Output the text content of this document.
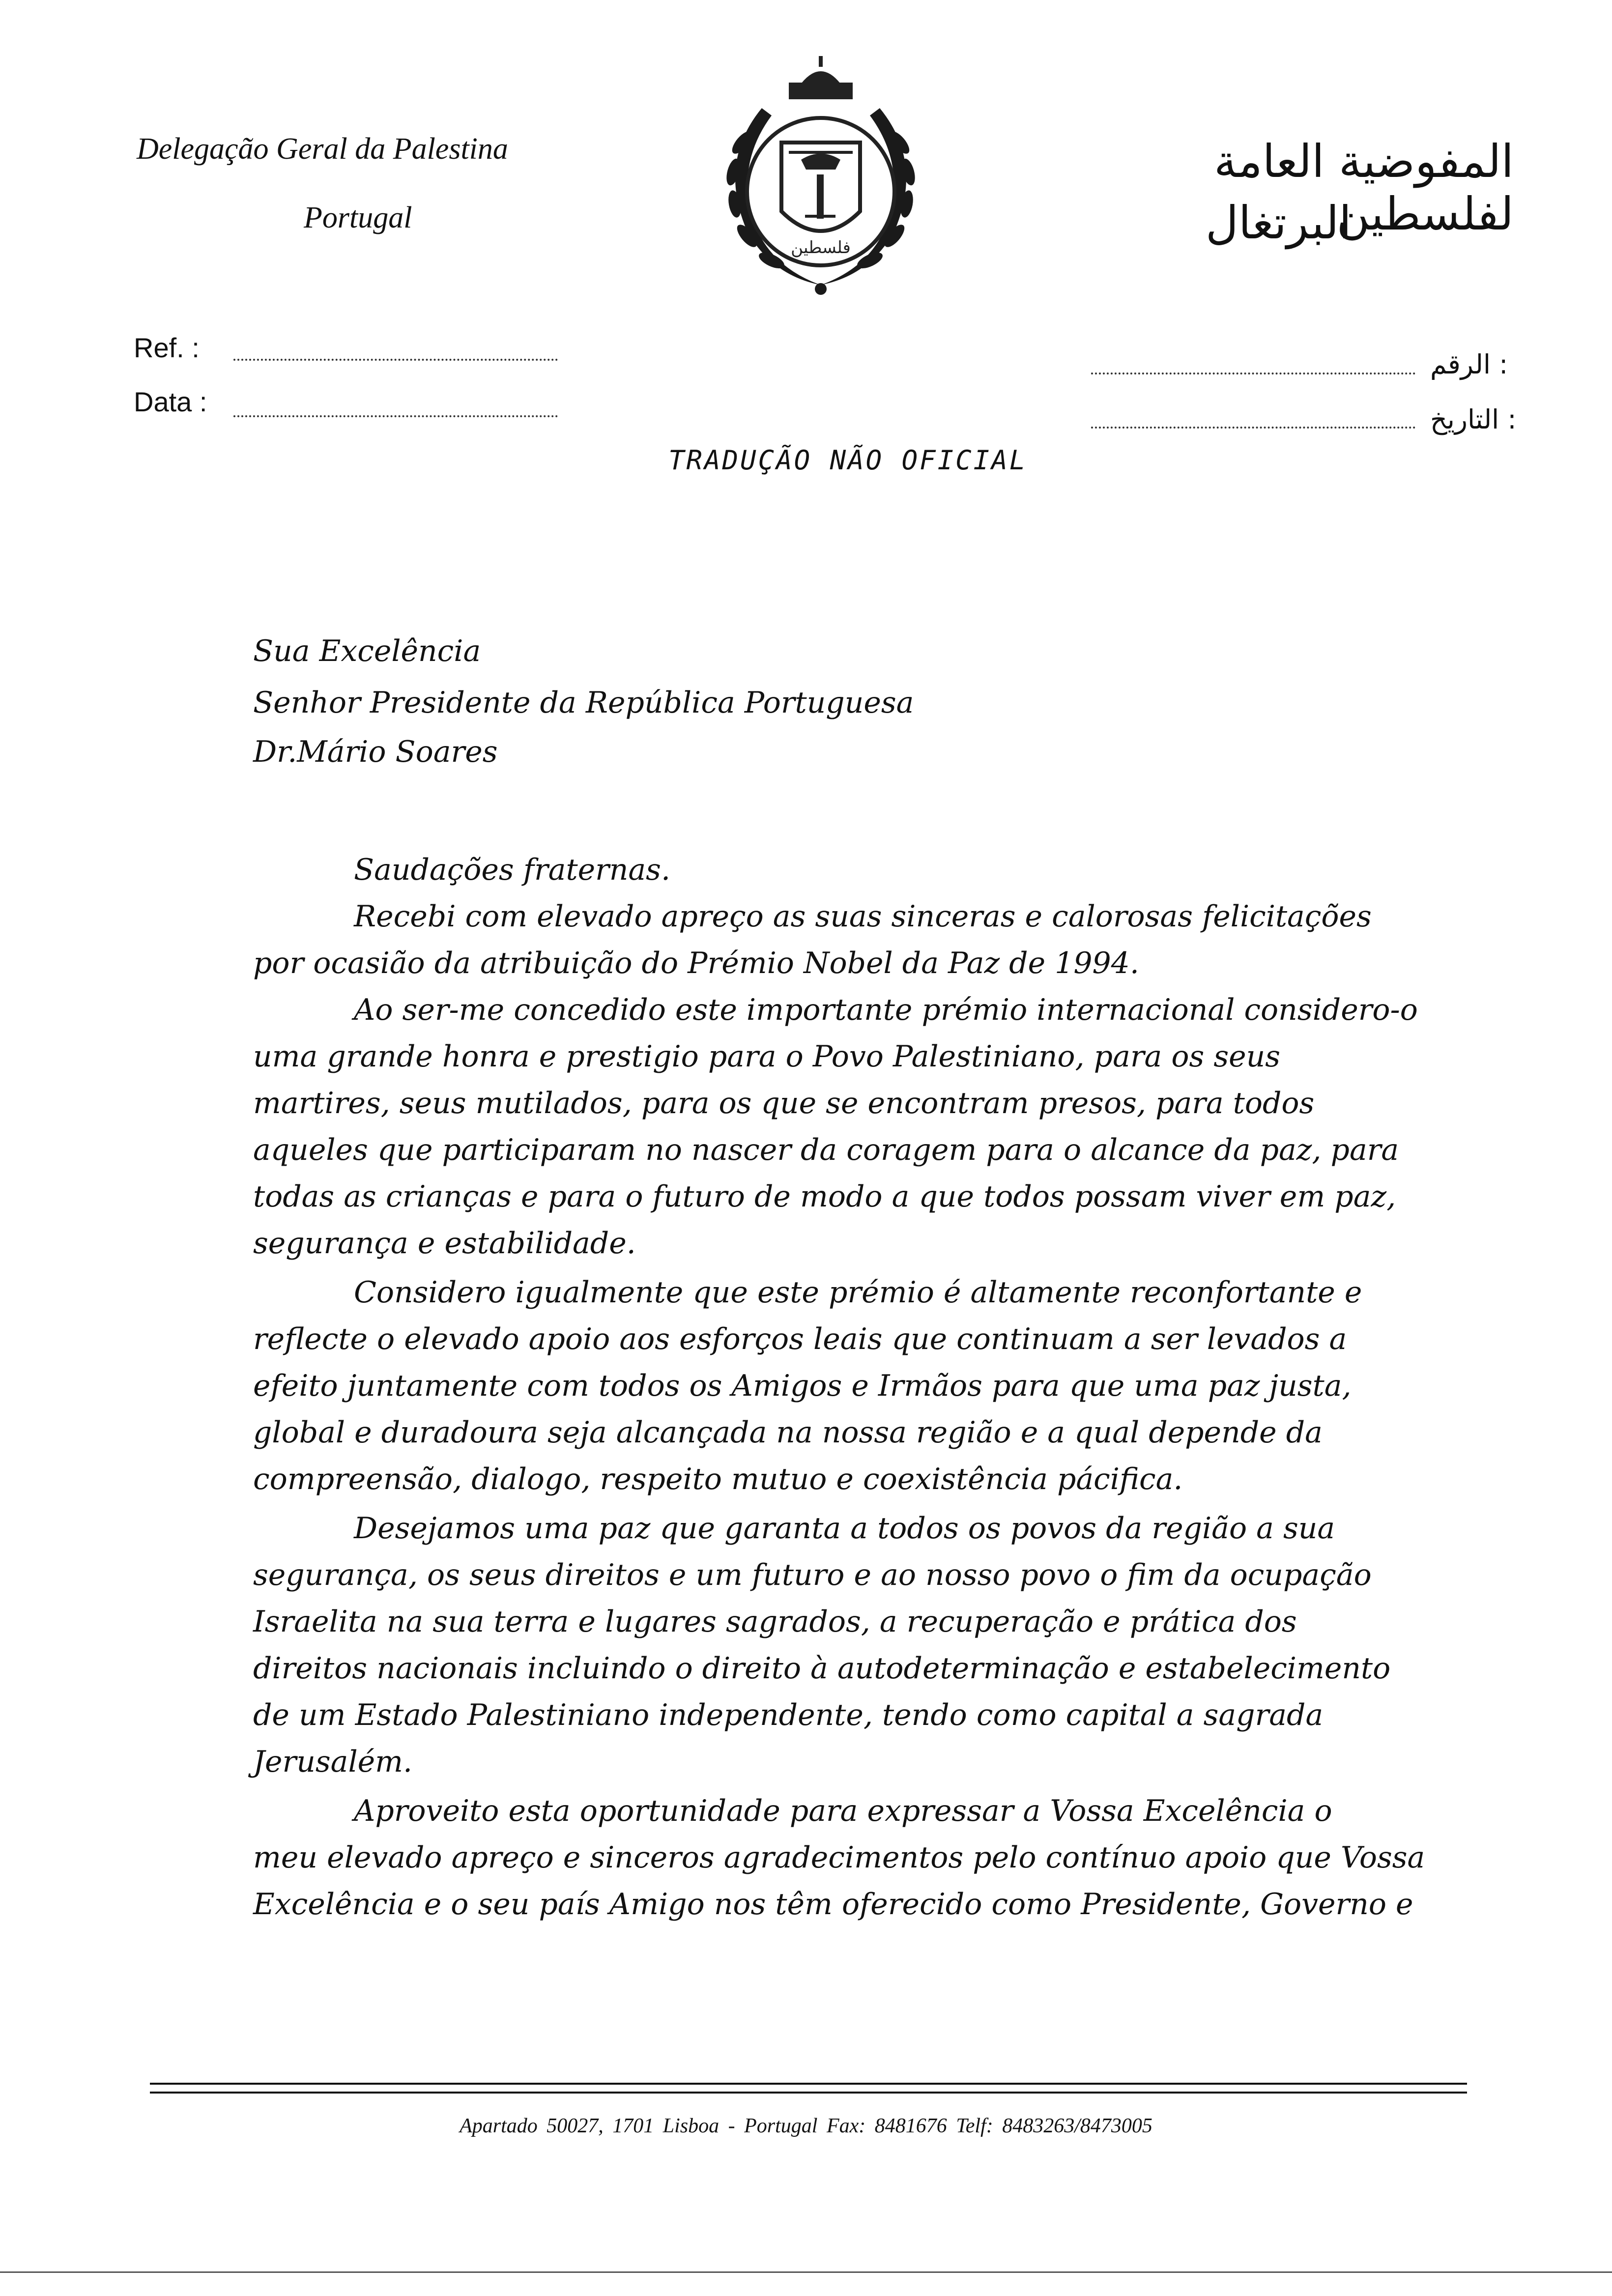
Delegação Geral da Palestina
Portugal
فلسطين
المفوضية العامة لفلسطين
البرتغال
Ref. :
Data :
: الرقم
: التاريخ
TRADUÇÃO NÃO OFICIAL
Sua Excelência
Senhor Presidente da República Portuguesa
Dr.Mário Soares
Saudações fraternas.
Recebi com elevado apreço as suas sinceras e calorosas felicitações
por ocasião da atribuição do Prémio Nobel da Paz de 1994.
Ao ser-me concedido este importante prémio internacional considero-o
uma grande honra e prestigio para o Povo Palestiniano, para os seus
martires, seus mutilados, para os que se encontram presos, para todos
aqueles que participaram no nascer da coragem para o alcance da paz, para
todas as crianças e para o futuro de modo a que todos possam viver em paz,
segurança e estabilidade.
Considero igualmente que este prémio é altamente reconfortante e
reflecte o elevado apoio aos esforços leais que continuam a ser levados a
efeito juntamente com todos os Amigos e Irmãos para que uma paz justa,
global e duradoura seja alcançada na nossa região e a qual depende da
compreensão, dialogo, respeito mutuo e coexistência pácifica.
Desejamos uma paz que garanta a todos os povos da região a sua
segurança, os seus direitos e um futuro e ao nosso povo o fim da ocupação
Israelita na sua terra e lugares sagrados, a recuperação e prática dos
direitos nacionais incluindo o direito à autodeterminação e estabelecimento
de um Estado Palestiniano independente, tendo como capital a sagrada
Jerusalém.
Aproveito esta oportunidade para expressar a Vossa Excelência o
meu elevado apreço e sinceros agradecimentos pelo contínuo apoio que Vossa
Excelência e o seu país Amigo nos têm oferecido como Presidente, Governo e
Apartado 50027, 1701 Lisboa - Portugal Fax: 8481676 Telf: 8483263/8473005
